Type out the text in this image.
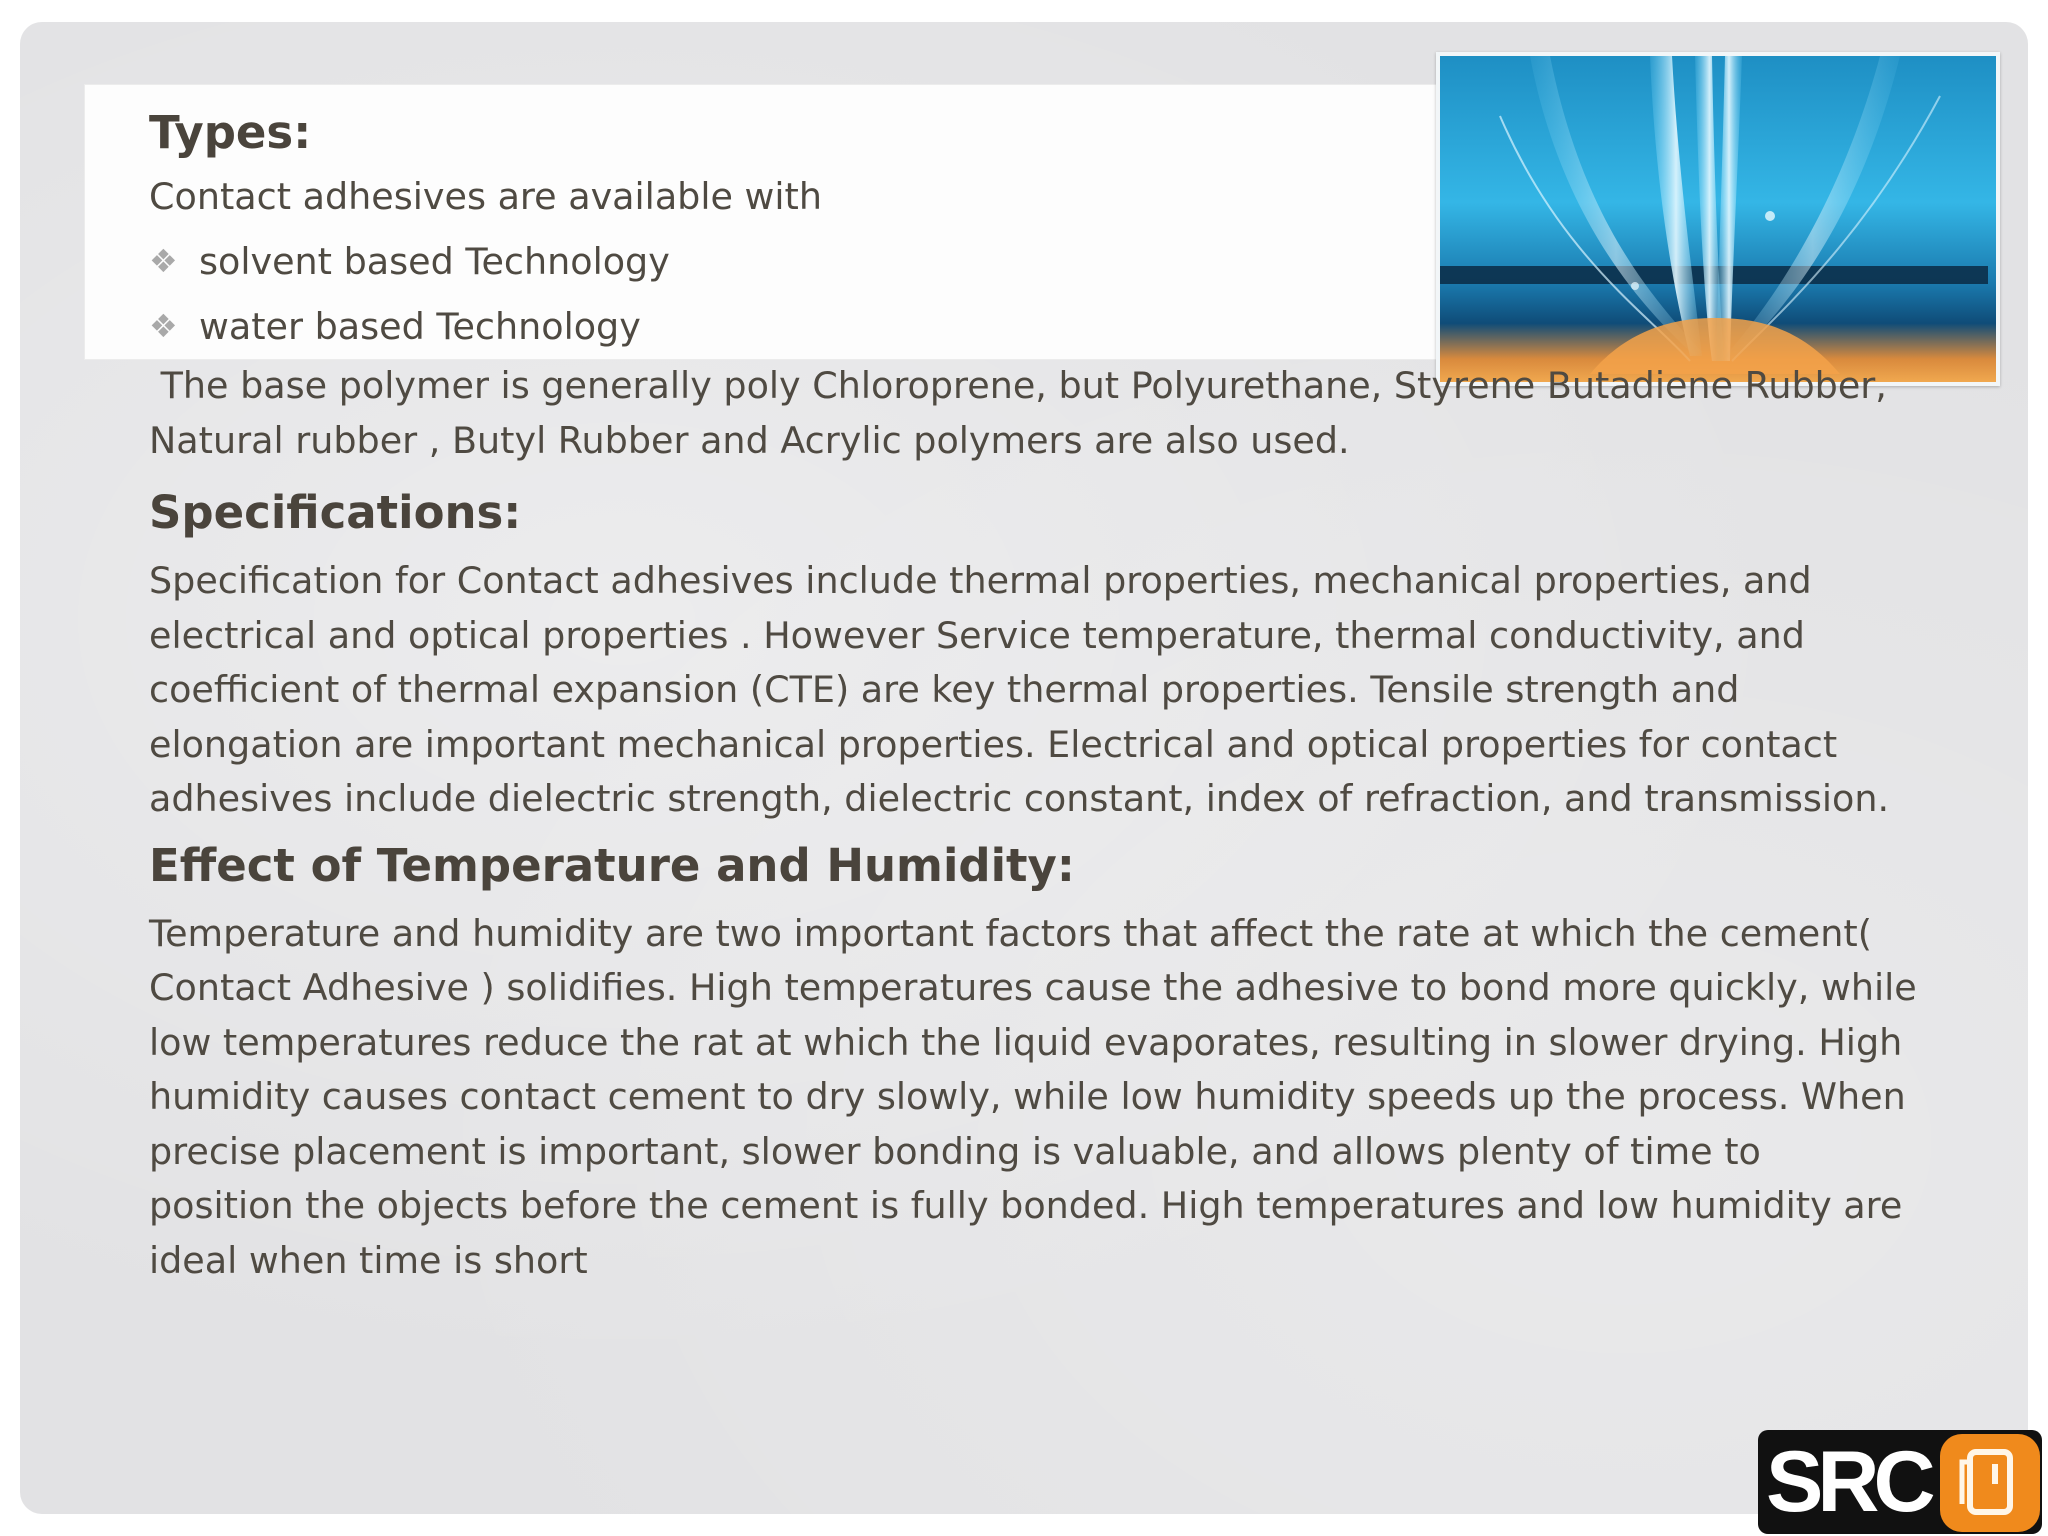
Types:

Contact adhesives are available with

❖ solvent based Technology
❖ water based Technology

The base polymer is generally poly Chloroprene, but Polyurethane, Styrene Butadiene Rubber,

Natural rubber , Butyl Rubber and Acrylic polymers are also used.

Specifications:

Specification for Contact adhesives include thermal properties, mechanical properties, and

electrical and optical properties . However Service temperature, thermal conductivity, and

coefficient of thermal expansion (CTE) are key thermal properties. Tensile strength and

elongation are important mechanical properties. Electrical and optical properties for contact

adhesives include dielectric strength, dielectric constant, index of refraction, and transmission.

Effect of Temperature and Humidity:

Temperature and humidity are two important factors that affect the rate at which the cement(

Contact Adhesive ) solidifies. High temperatures cause the adhesive to bond more quickly, while

low temperatures reduce the rat at which the liquid evaporates, resulting in slower drying. High

humidity causes contact cement to dry slowly, while low humidity speeds up the process. When

precise placement is important, slower bonding is valuable, and allows plenty of time to

position the objects before the cement is fully bonded. High temperatures and low humidity are

ideal when time is short

SRC
